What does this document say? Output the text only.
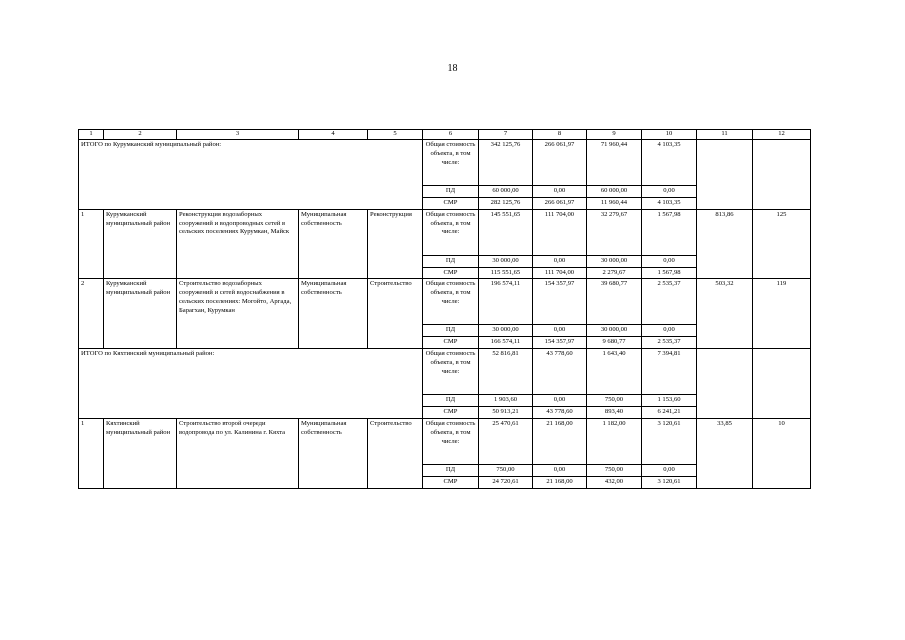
18
1	2	3	4	5	6	7	8	9	10	11	12
ИТОГО по Курумканский муниципальный район:					Общая стоимость объекта, в том числе:	342 125,76	266 061,97	71 960,44	4 103,35		
					ПД	60 000,00	0,00	60 000,00	0,00		
					СМР	282 125,76	266 061,97	11 960,44	4 103,35		
1	Курумканский муниципальный район	Реконструкция водозаборных сооружений и водопроводных сетей в сельских поселениях Курумкан, Майск	Муниципальная собственность	Реконструкция	Общая стоимость объекта, в том числе:	145 551,65	111 704,00	32 279,67	1 567,98	813,86	125
					ПД	30 000,00	0,00	30 000,00	0,00		
					СМР	115 551,65	111 704,00	2 279,67	1 567,98		
2	Курумканский муниципальный район	Строительство водозаборных сооружений и сетей водоснабжения в сельских поселениях: Могойто, Аргада, Барагхан, Курумкан	Муниципальная собственность	Строительство	Общая стоимость объекта, в том числе:	196 574,11	154 357,97	39 680,77	2 535,37	503,32	119
					ПД	30 000,00	0,00	30 000,00	0,00		
					СМР	166 574,11	154 357,97	9 680,77	2 535,37		
ИТОГО по Кяхтинский муниципальный район:					Общая стоимость объекта, в том числе:	52 816,81	43 778,60	1 643,40	7 394,81		
					ПД	1 903,60	0,00	750,00	1 153,60		
					СМР	50 913,21	43 778,60	893,40	6 241,21		
1	Кяхтинский муниципальный район	Строительство второй очереди водопровода по ул. Калинина г. Кяхта	Муниципальная собственность	Строительство	Общая стоимость объекта, в том числе:	25 470,61	21 168,00	1 182,00	3 120,61	33,85	10
					ПД	750,00	0,00	750,00	0,00		
					СМР	24 720,61	21 168,00	432,00	3 120,61		
